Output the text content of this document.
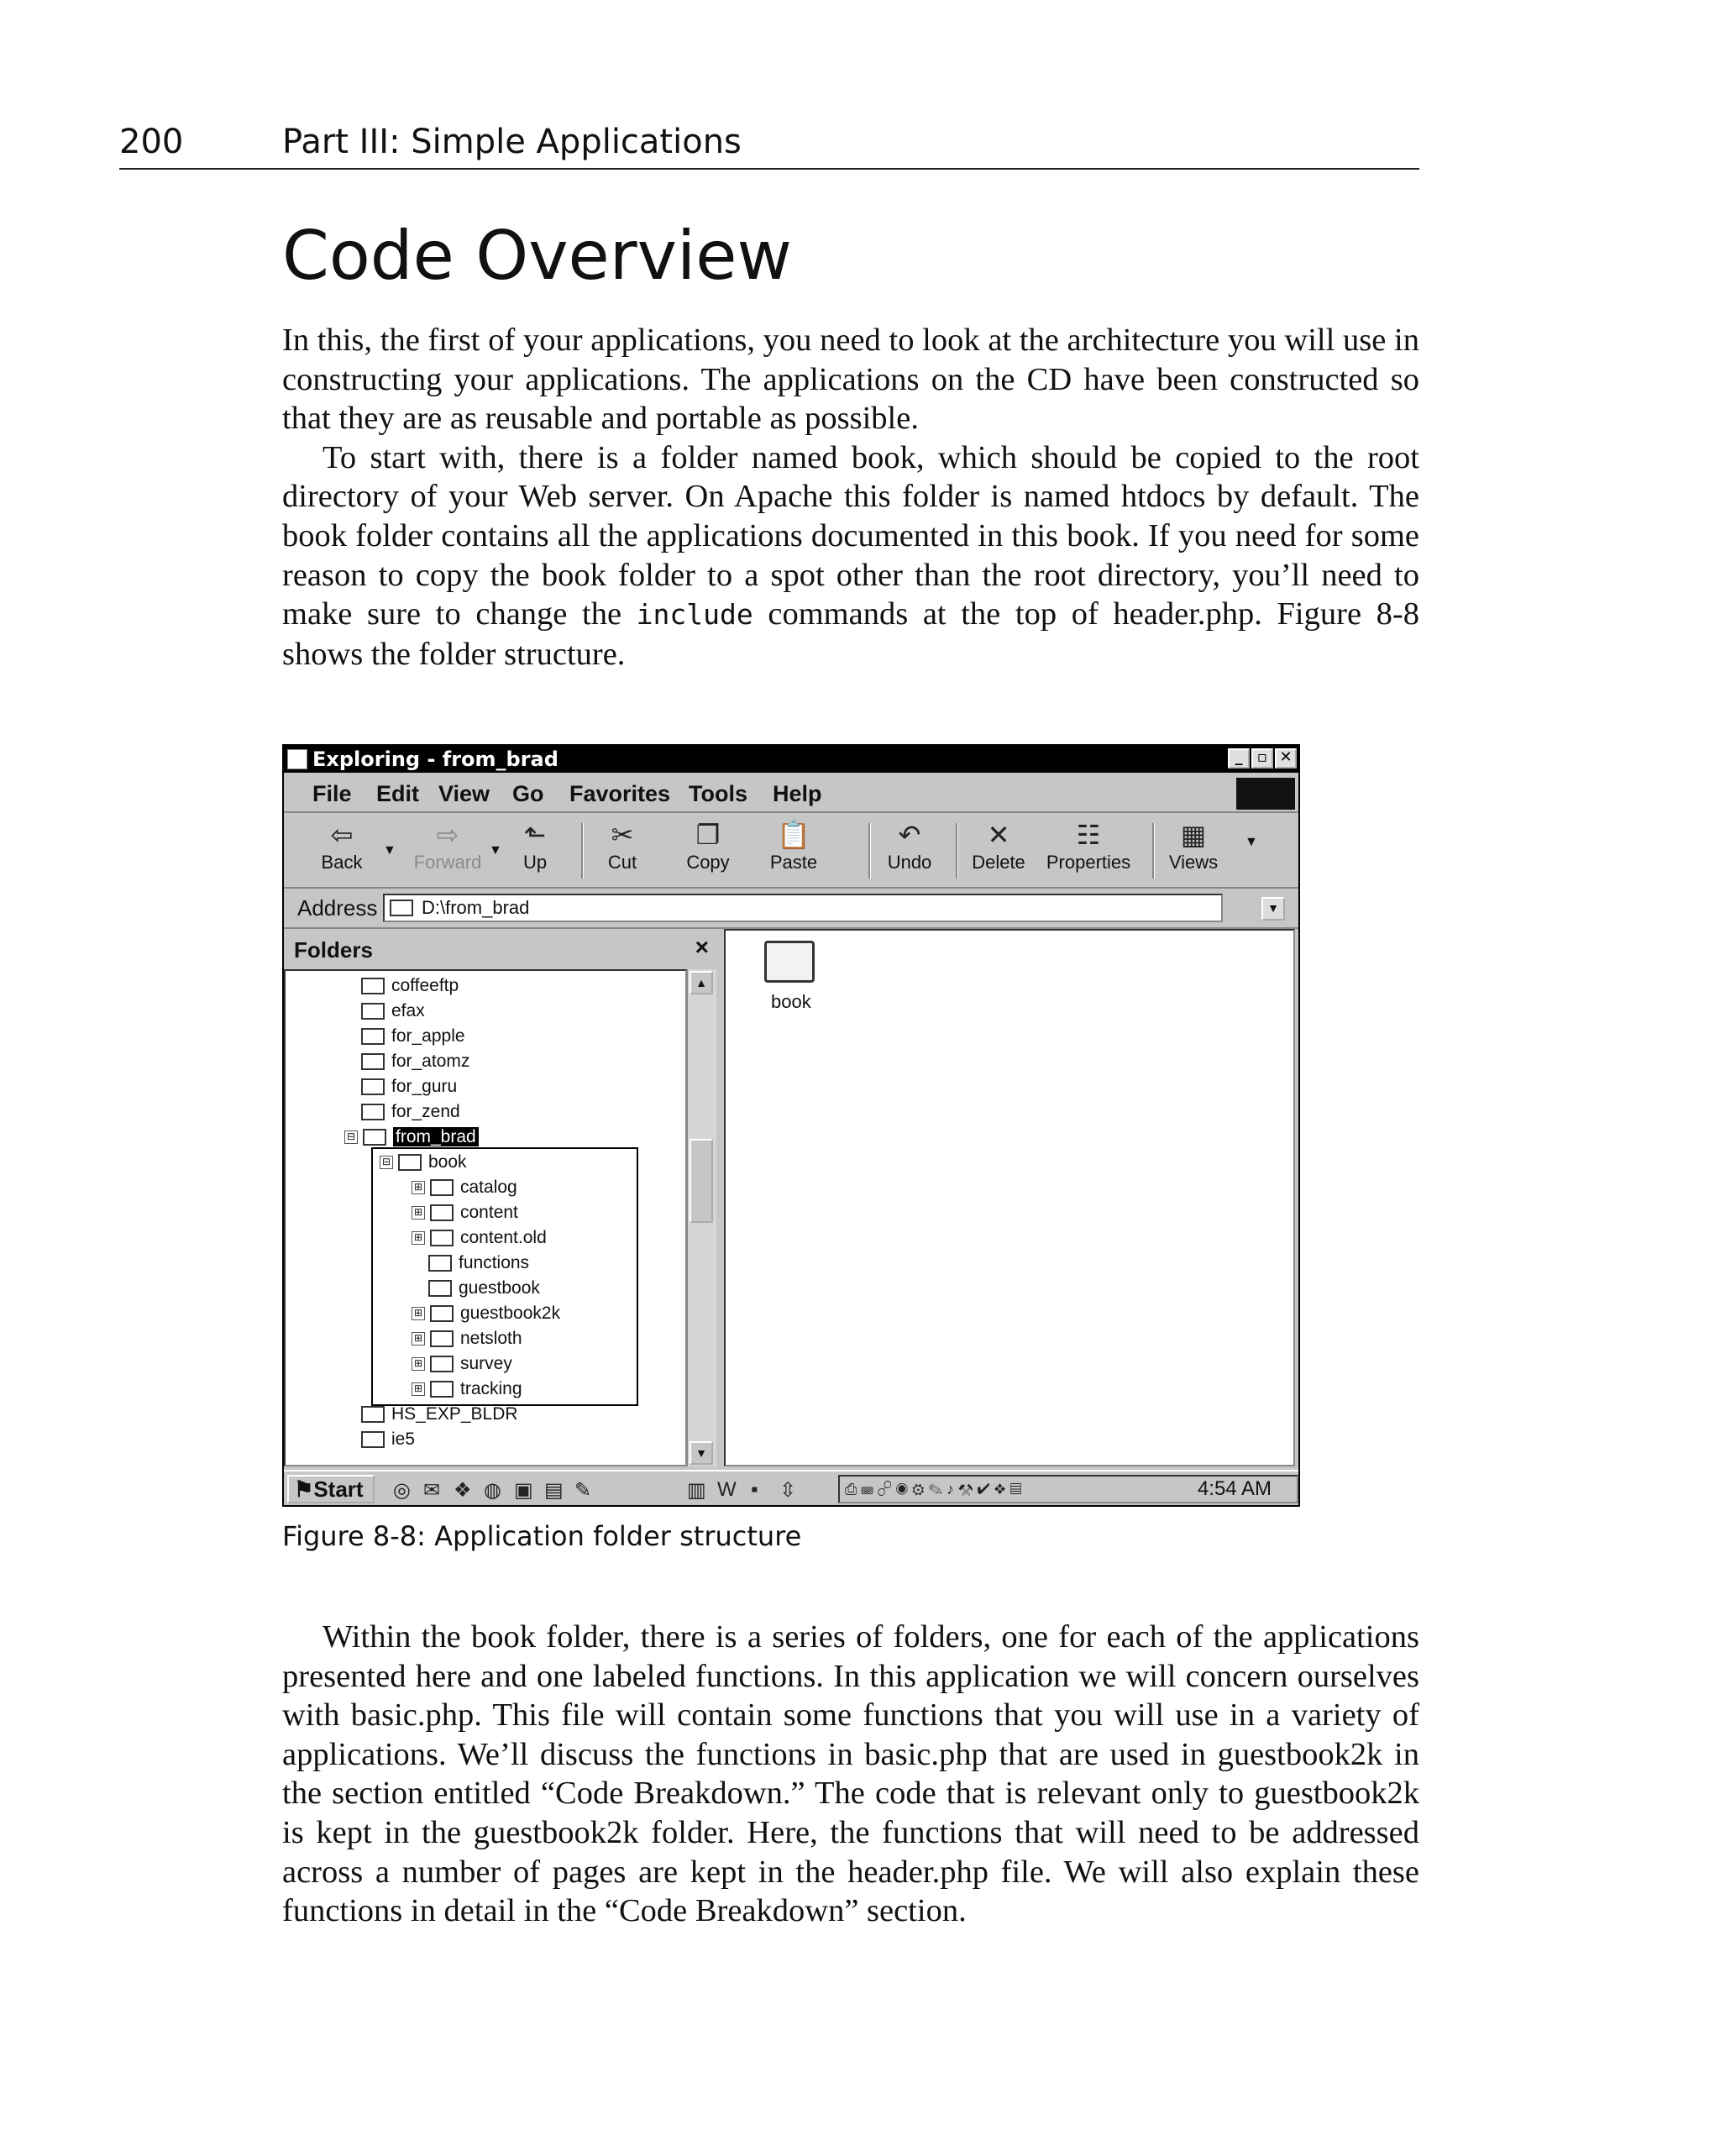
200	Part III: Simple Applications
Code Overview

In this, the first of your applications, you need to look at the architecture you will use in constructing your applications. The applications on the CD have been constructed so that they are as reusable and portable as possible.

To start with, there is a folder named book, which should be copied to the root directory of your Web server. On Apache this folder is named htdocs by default. The book folder contains all the applications documented in this book. If you need for some reason to copy the book folder to a spot other than the root directory, you’ll need to make sure to change the include commands at the top of header.php. Figure 8-8 shows the folder structure.

Exploring - from_brad	_ ▫ ✕
File Edit View Go Favorites Tools Help
⇦
Back
▼
⇨
Forward
▼
⬑
Up
✂
Cut
❐
Copy
📋
Paste
↶
Undo
✕
Delete
☷
Properties
▦
Views
▼
Address	D:\from_brad	▼
Folders	×
coffeeftp
efax
for_apple
for_atomz
for_guru
for_zend
⊟ from_brad
⊟ book
⊞ catalog
⊞ content
⊞ content.old
functions
guestbook
⊞ guestbook2k
⊞ netsloth
⊞ survey
⊞ tracking
HS_EXP_BLDR
ie5
▲
▼
book
⚑Start	◎ ✉ ❖ ◍ ▣ ▤ ✎	▥ W ▪ ⇳	⎙ ⌨ ☍ ◉ ⚙ ✎ ♪ ⚒ ✔ ❖ ▤	4:54 AM
Figure 8-8: Application folder structure

Within the book folder, there is a series of folders, one for each of the applications presented here and one labeled functions. In this application we will concern ourselves with basic.php. This file will contain some functions that you will use in a variety of applications. We’ll discuss the functions in basic.php that are used in guestbook2k in the section entitled “Code Breakdown.” The code that is relevant only to guestbook2k is kept in the guestbook2k folder. Here, the functions that will need to be addressed across a number of pages are kept in the header.php file. We will also explain these functions in detail in the “Code Breakdown” section.
